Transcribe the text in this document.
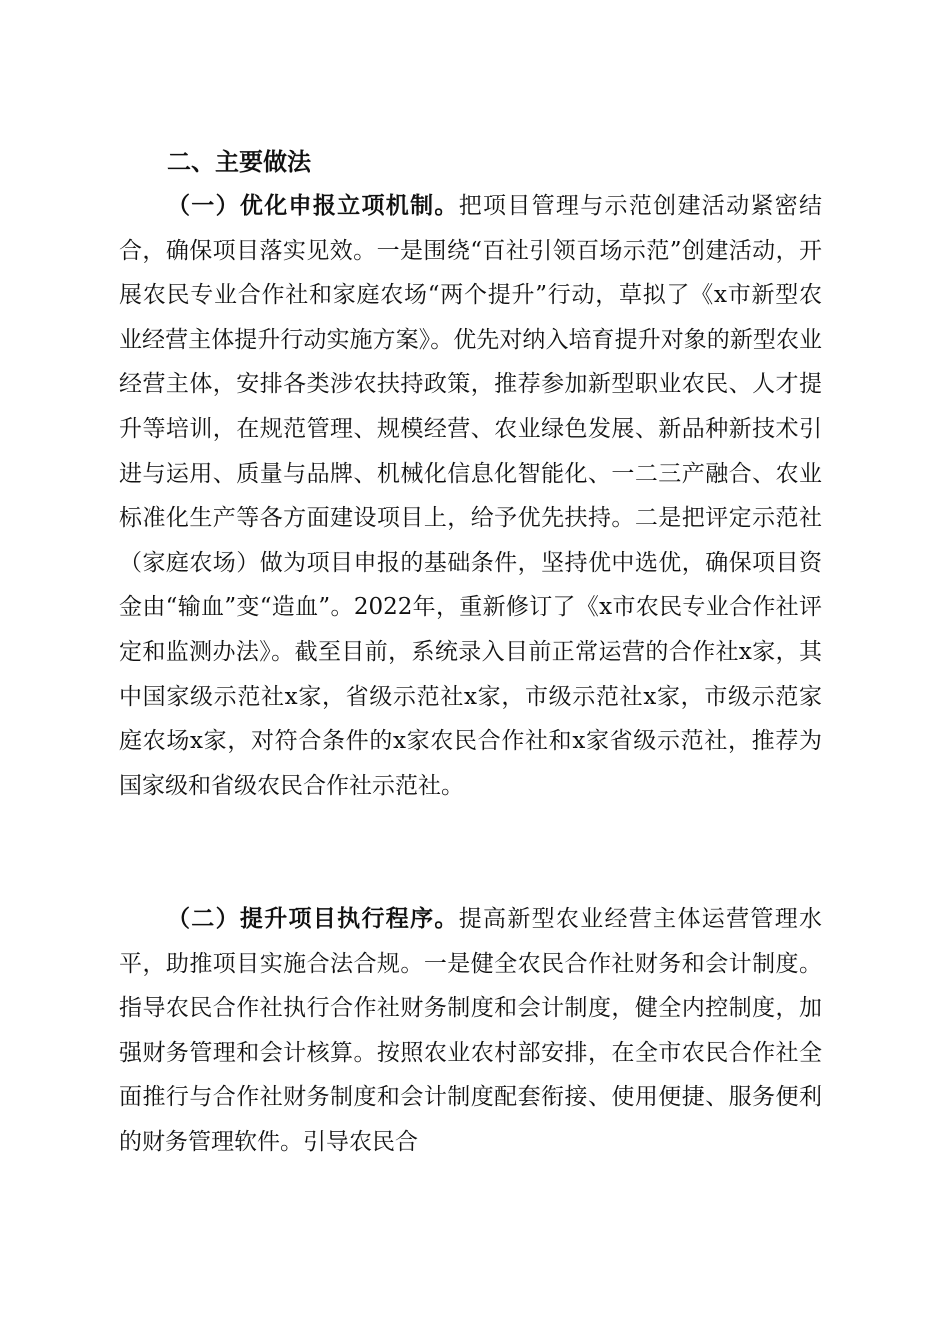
二、主要做法

（一）优化申报立项机制。把项目管理与示范创建活动紧密结合，确保项目落实见效。一是围绕“百社引领百场示范”创建活动，开展农民专业合作社和家庭农场“两个提升”行动，草拟了《x市新型农业经营主体提升行动实施方案》。优先对纳入培育提升对象的新型农业经营主体，安排各类涉农扶持政策，推荐参加新型职业农民、人才提升等培训，在规范管理、规模经营、农业绿色发展、新品种新技术引进与运用、质量与品牌、机械化信息化智能化、一二三产融合、农业标准化生产等各方面建设项目上，给予优先扶持。二是把评定示范社（家庭农场）做为项目申报的基础条件，坚持优中选优，确保项目资金由“输血”变“造血”。2022年，重新修订了《x市农民专业合作社评定和监测办法》。截至目前，系统录入目前正常运营的合作社x家，其中国家级示范社x家，省级示范社x家，市级示范社x家，市级示范家庭农场x家，对符合条件的x家农民合作社和x家省级示范社，推荐为国家级和省级农民合作社示范社。

（二）提升项目执行程序。提高新型农业经营主体运营管理水平，助推项目实施合法合规。一是健全农民合作社财务和会计制度。指导农民合作社执行合作社财务制度和会计制度，健全内控制度，加强财务管理和会计核算。按照农业农村部安排，在全市农民合作社全面推行与合作社财务制度和会计制度配套衔接、使用便捷、服务便利的财务管理软件。引导农民合
